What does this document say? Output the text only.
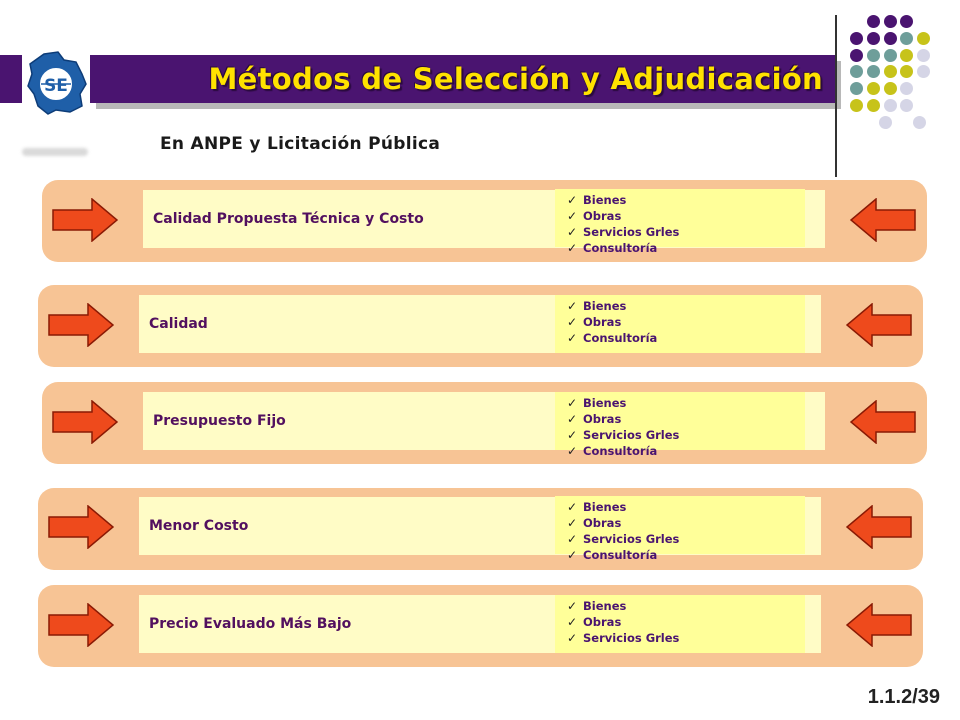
Métodos de Selección y Adjudicación
SE
En ANPE y Licitación Pública
Calidad Propuesta Técnica y Costo
✓ Bienes
✓ Obras
✓ Servicios Grles
✓ Consultoría
Calidad
✓ Bienes
✓ Obras
✓ Consultoría
Presupuesto Fijo
✓ Bienes
✓ Obras
✓ Servicios Grles
✓ Consultoría
Menor Costo
✓ Bienes
✓ Obras
✓ Servicios Grles
✓ Consultoría
Precio Evaluado Más Bajo
✓ Bienes
✓ Obras
✓ Servicios Grles
1.1.2/39
